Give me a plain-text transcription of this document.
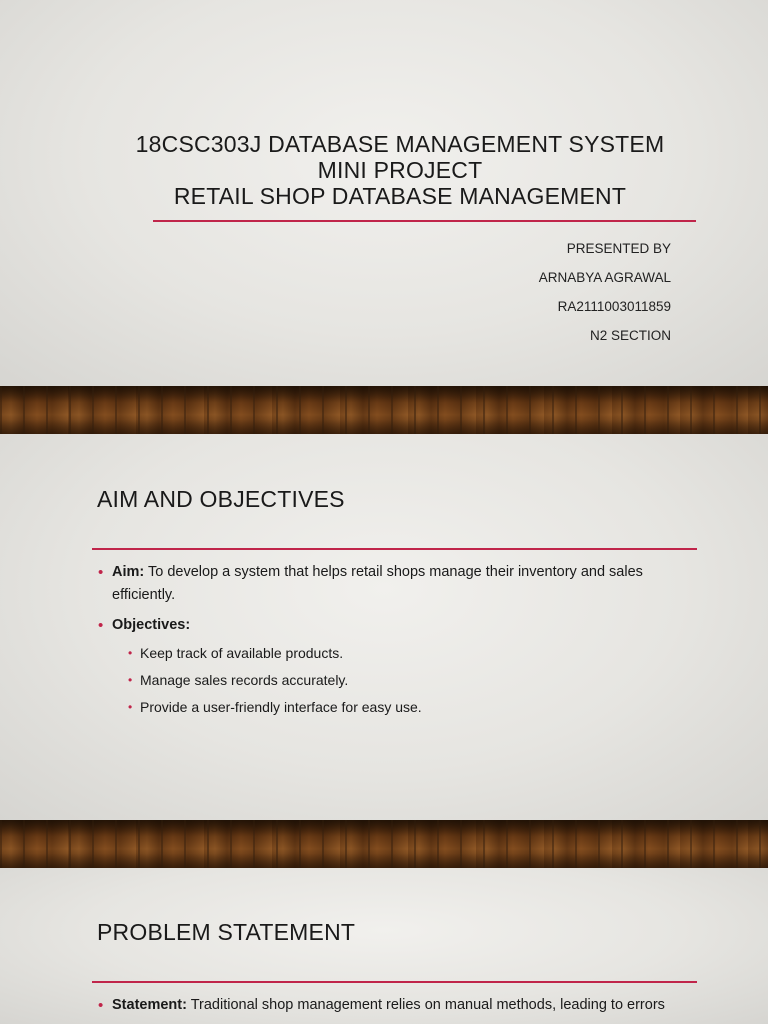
18CSC303J DATABASE MANAGEMENT SYSTEM
MINI PROJECT
RETAIL SHOP DATABASE MANAGEMENT
PRESENTED BY
ARNABYA AGRAWAL
RA2111003011859
N2 SECTION
AIM AND OBJECTIVES
• Aim: To develop a system that helps retail shops manage their inventory and sales efficiently.
• Objectives:
• Keep track of available products.
• Manage sales records accurately.
• Provide a user-friendly interface for easy use.
PROBLEM STATEMENT
• Statement: Traditional shop management relies on manual methods, leading to errors
